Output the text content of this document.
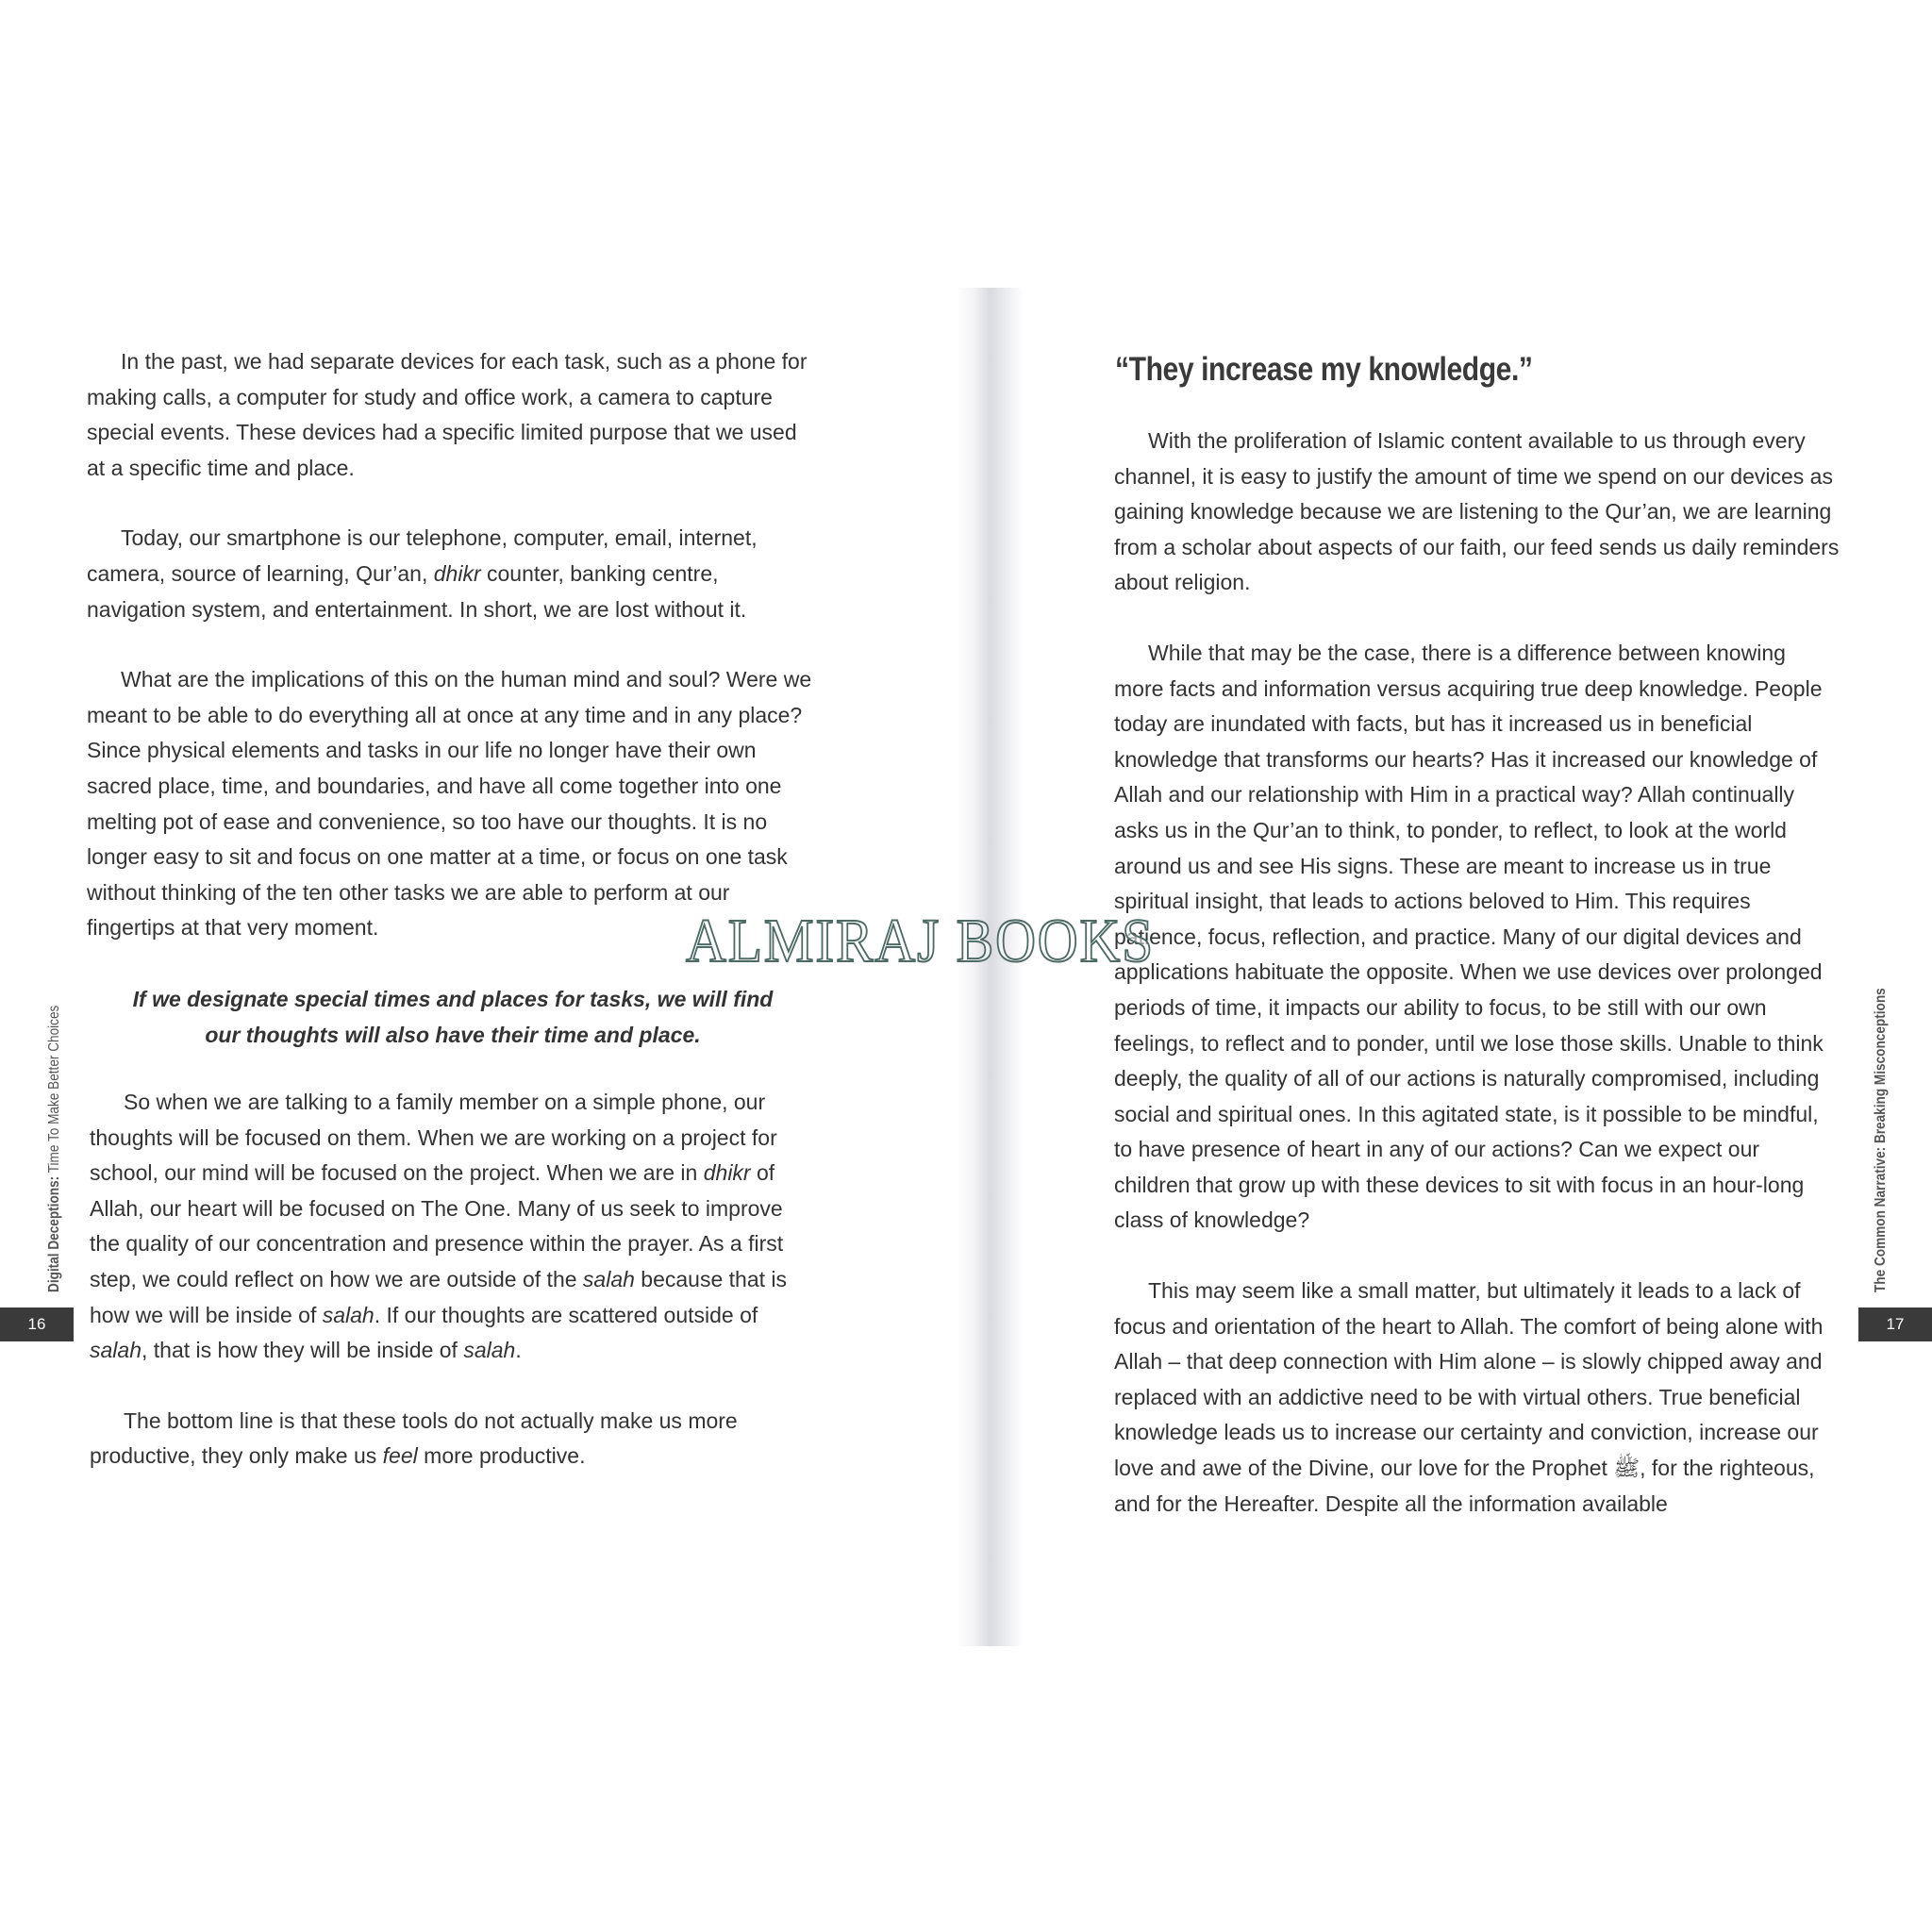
In the past, we had separate devices for each task, such as a phone for making calls, a computer for study and office work, a camera to capture special events. These devices had a specific limited purpose that we used at a specific time and place.

Today, our smartphone is our telephone, computer, email, internet, camera, source of learning, Qur’an, dhikr counter, banking centre, navigation system, and entertainment. In short, we are lost without it.

What are the implications of this on the human mind and soul? Were we meant to be able to do everything all at once at any time and in any place? Since physical elements and tasks in our life no longer have their own sacred place, time, and boundaries, and have all come together into one melting pot of ease and convenience, so too have our thoughts. It is no longer easy to sit and focus on one matter at a time, or focus on one task without thinking of the ten other tasks we are able to perform at our fingertips at that very moment.

If we designate special times and places for tasks, we will find our thoughts will also have their time and place.

So when we are talking to a family member on a simple phone, our thoughts will be focused on them. When we are working on a project for school, our mind will be focused on the project. When we are in dhikr of Allah, our heart will be focused on The One. Many of us seek to improve the quality of our concentration and presence within the prayer. As a first step, we could reflect on how we are outside of the salah because that is how we will be inside of salah. If our thoughts are scattered outside of salah, that is how they will be inside of salah.

The bottom line is that these tools do not actually make us more productive, they only make us feel more productive.

Digital Deceptions: Time To Make Better Choices
16
“They increase my knowledge.”

With the proliferation of Islamic content available to us through every channel, it is easy to justify the amount of time we spend on our devices as gaining knowledge because we are listening to the Qur’an, we are learning from a scholar about aspects of our faith, our feed sends us daily reminders about religion.

While that may be the case, there is a difference between knowing more facts and information versus acquiring true deep knowledge. People today are inundated with facts, but has it increased us in beneficial knowledge that transforms our hearts? Has it increased our knowledge of Allah and our relationship with Him in a practical way? Allah continually asks us in the Qur’an to think, to ponder, to reflect, to look at the world around us and see His signs. These are meant to increase us in true spiritual insight, that leads to actions beloved to Him. This requires patience, focus, reflection, and practice. Many of our digital devices and applications habituate the opposite. When we use devices over prolonged periods of time, it impacts our ability to focus, to be still with our own feelings, to reflect and to ponder, until we lose those skills. Unable to think deeply, the quality of all of our actions is naturally compromised, including social and spiritual ones. In this agitated state, is it possible to be mindful, to have presence of heart in any of our actions? Can we expect our children that grow up with these devices to sit with focus in an hour-long class of knowledge?

This may seem like a small matter, but ultimately it leads to a lack of focus and orientation of the heart to Allah. The comfort of being alone with Allah – that deep connection with Him alone – is slowly chipped away and replaced with an addictive need to be with virtual others. True beneficial knowledge leads us to increase our certainty and conviction, increase our love and awe of the Divine, our love for the Prophet ﷺ, for the righteous, and for the Hereafter. Despite all the information available

The Common Narrative: Breaking Misconceptions
17
ALMIRAJ BOOKS
